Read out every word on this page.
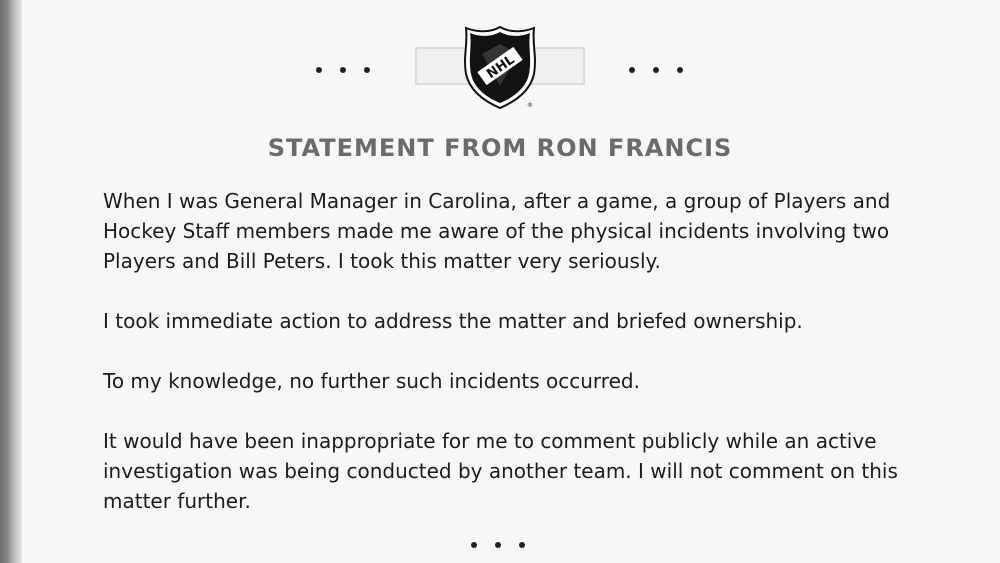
NHL
®
STATEMENT FROM RON FRANCIS

When I was General Manager in Carolina, after a game, a group of Players and Hockey Staff members made me aware of the physical incidents involving two Players and Bill Peters. I took this matter very seriously.

I took immediate action to address the matter and briefed ownership.

To my knowledge, no further such incidents occurred.

It would have been inappropriate for me to comment publicly while an active investigation was being conducted by another team. I will not comment on this matter further.
